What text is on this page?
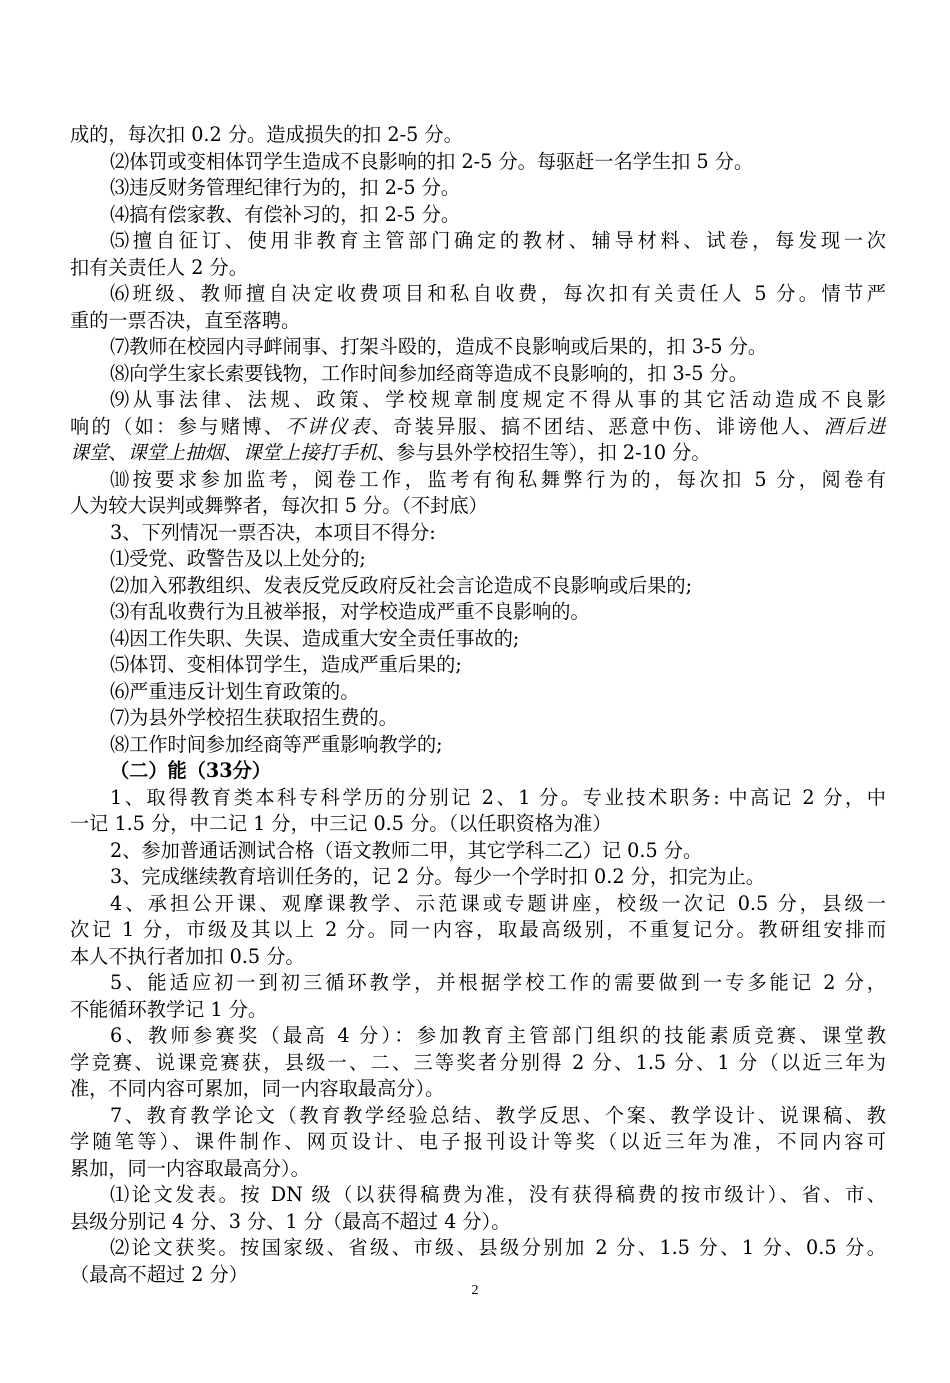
成的，每次扣 0.2 分。造成损失的扣 2-5 分。
⑵体罚或变相体罚学生造成不良影响的扣 2-5 分。每驱赶一名学生扣 5 分。
⑶违反财务管理纪律行为的，扣 2-5 分。
⑷搞有偿家教、有偿补习的，扣 2-5 分。
⑸擅自征订、使用非教育主管部门确定的教材、辅导材料、试卷，每发现一次
扣有关责任人 2 分。
⑹班级、教师擅自决定收费项目和私自收费，每次扣有关责任人 5 分。情节严
重的一票否决，直至落聘。
⑺教师在校园内寻衅闹事、打架斗殴的，造成不良影响或后果的，扣 3-5 分。
⑻向学生家长索要钱物，工作时间参加经商等造成不良影响的，扣 3-5 分。
⑼从事法律、法规、政策、学校规章制度规定不得从事的其它活动造成不良影
响的（如：参与赌博、不讲仪表、奇装异服、搞不团结、恶意中伤、诽谤他人、酒后进
课堂、课堂上抽烟、课堂上接打手机、参与县外学校招生等），扣 2-10 分。
⑽按要求参加监考，阅卷工作，监考有徇私舞弊行为的，每次扣 5 分，阅卷有
人为较大误判或舞弊者，每次扣 5 分。（不封底）
3、下列情况一票否决，本项目不得分:
⑴受党、政警告及以上处分的;
⑵加入邪教组织、发表反党反政府反社会言论造成不良影响或后果的;
⑶有乱收费行为且被举报，对学校造成严重不良影响的。
⑷因工作失职、失误、造成重大安全责任事故的;
⑸体罚、变相体罚学生，造成严重后果的;
⑹严重违反计划生育政策的。
⑺为县外学校招生获取招生费的。
⑻工作时间参加经商等严重影响教学的;
（二）能（33分）
1、取得教育类本科专科学历的分别记 2、1 分。专业技术职务: 中高记 2 分，中
一记 1.5 分，中二记 1 分，中三记 0.5 分。（以任职资格为准）
2、参加普通话测试合格（语文教师二甲，其它学科二乙）记 0.5 分。
3、完成继续教育培训任务的，记 2 分。每少一个学时扣 0.2 分，扣完为止。
4、承担公开课、观摩课教学、示范课或专题讲座，校级一次记 0.5 分，县级一
次记 1 分，市级及其以上 2 分。同一内容，取最高级别，不重复记分。教研组安排而
本人不执行者加扣 0.5 分。
5、能适应初一到初三循环教学，并根据学校工作的需要做到一专多能记 2 分，
不能循环教学记 1 分。
6、教师参赛奖（最高 4 分）：参加教育主管部门组织的技能素质竞赛、课堂教
学竞赛、说课竞赛获，县级一、二、三等奖者分别得 2 分、1.5 分、1 分（以近三年为
准，不同内容可累加，同一内容取最高分）。
7、教育教学论文（教育教学经验总结、教学反思、个案、教学设计、说课稿、教
学随笔等）、课件制作、网页设计、电子报刊设计等奖（以近三年为准，不同内容可
累加，同一内容取最高分）。
⑴论文发表。按 DN 级（以获得稿费为准，没有获得稿费的按市级计）、省、市、
县级分别记 4 分、3 分、1 分（最高不超过 4 分）。
⑵论文获奖。按国家级、省级、市级、县级分别加 2 分、1.5 分、1 分、0.5 分。
（最高不超过 2 分）
2
